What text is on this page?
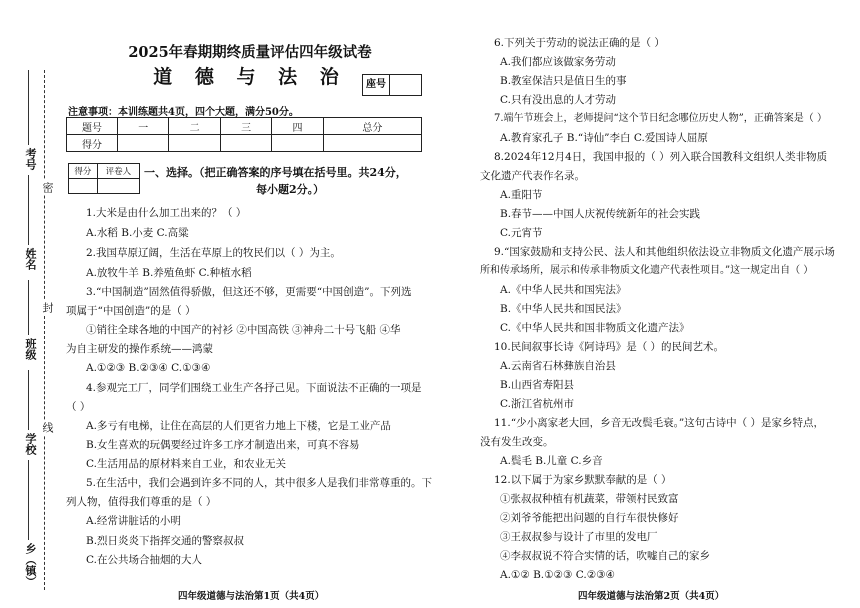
考号
姓名
班级
学校
乡（镇）
密
封
线
2025年春期期终质量评估四年级试卷
道 德 与 法 治	座号
注意事项：本训练题共4页，四个大题，满分50分。
题号	一	二	三	四	总分
得分					
得分	评卷人
	一、选择。（把正确答案的序号填在括号里。共24分，
每小题2分。）
1.大米是由什么加工出来的？（ ）
A.水稻 B.小麦 C.高粱
2.我国草原辽阔，生活在草原上的牧民们以（ ）为主。
A.放牧牛羊 B.养殖鱼虾 C.种植水稻
3.“中国制造”固然值得骄傲，但这还不够，更需要“中国创造”。下列选
项属于“中国创造”的是（ ）
①销往全球各地的中国产的衬衫 ②中国高铁 ③神舟二十号飞船 ④华
为自主研发的操作系统——鸿蒙
A.①②③ B.②③④ C.①③④
4.参观完工厂，同学们围绕工业生产各抒己见。下面说法不正确的一项是
（ ）
A.多亏有电梯，让住在高层的人们更省力地上下楼，它是工业产品
B.女生喜欢的玩偶要经过许多工序才制造出来，可真不容易
C.生活用品的原材料来自工业，和农业无关
5.在生活中，我们会遇到许多不同的人，其中很多人是我们非常尊重的。下
列人物，值得我们尊重的是（ ）
A.经常讲脏话的小明
B.烈日炎炎下指挥交通的警察叔叔
C.在公共场合抽烟的大人
6.下列关于劳动的说法正确的是（ ）
A.我们都应该做家务劳动
B.教室保洁只是值日生的事
C.只有没出息的人才劳动
7.端午节班会上，老师提问“这个节日纪念哪位历史人物”，正确答案是（ ）
A.教育家孔子 B.“诗仙”李白 C.爱国诗人屈原
8.2024年12月4日，我国申报的（ ）列入联合国教科文组织人类非物质
文化遗产代表作名录。
A.重阳节
B.春节——中国人庆祝传统新年的社会实践
C.元宵节
9.“国家鼓励和支持公民、法人和其他组织依法设立非物质文化遗产展示场
所和传承场所，展示和传承非物质文化遗产代表性项目。”这一规定出自（ ）
A.《中华人民共和国宪法》
B.《中华人民共和国民法》
C.《中华人民共和国非物质文化遗产法》
10.民间叙事长诗《阿诗玛》是（ ）的民间艺术。
A.云南省石林彝族自治县
B.山西省寿阳县
C.浙江省杭州市
11.“少小离家老大回，乡音无改鬓毛衰。”这句古诗中（ ）是家乡特点，
没有发生改变。
A.鬓毛 B.儿童 C.乡音
12.以下属于为家乡默默奉献的是（ ）
①张叔叔种植有机蔬菜，带领村民致富
②刘爷爷能把出问题的自行车很快修好
③王叔叔参与设计了市里的发电厂
④李叔叔说不符合实情的话，吹嘘自己的家乡
A.①② B.①②③ C.②③④
四年级道德与法治第1页（共4页）	四年级道德与法治第2页（共4页）
